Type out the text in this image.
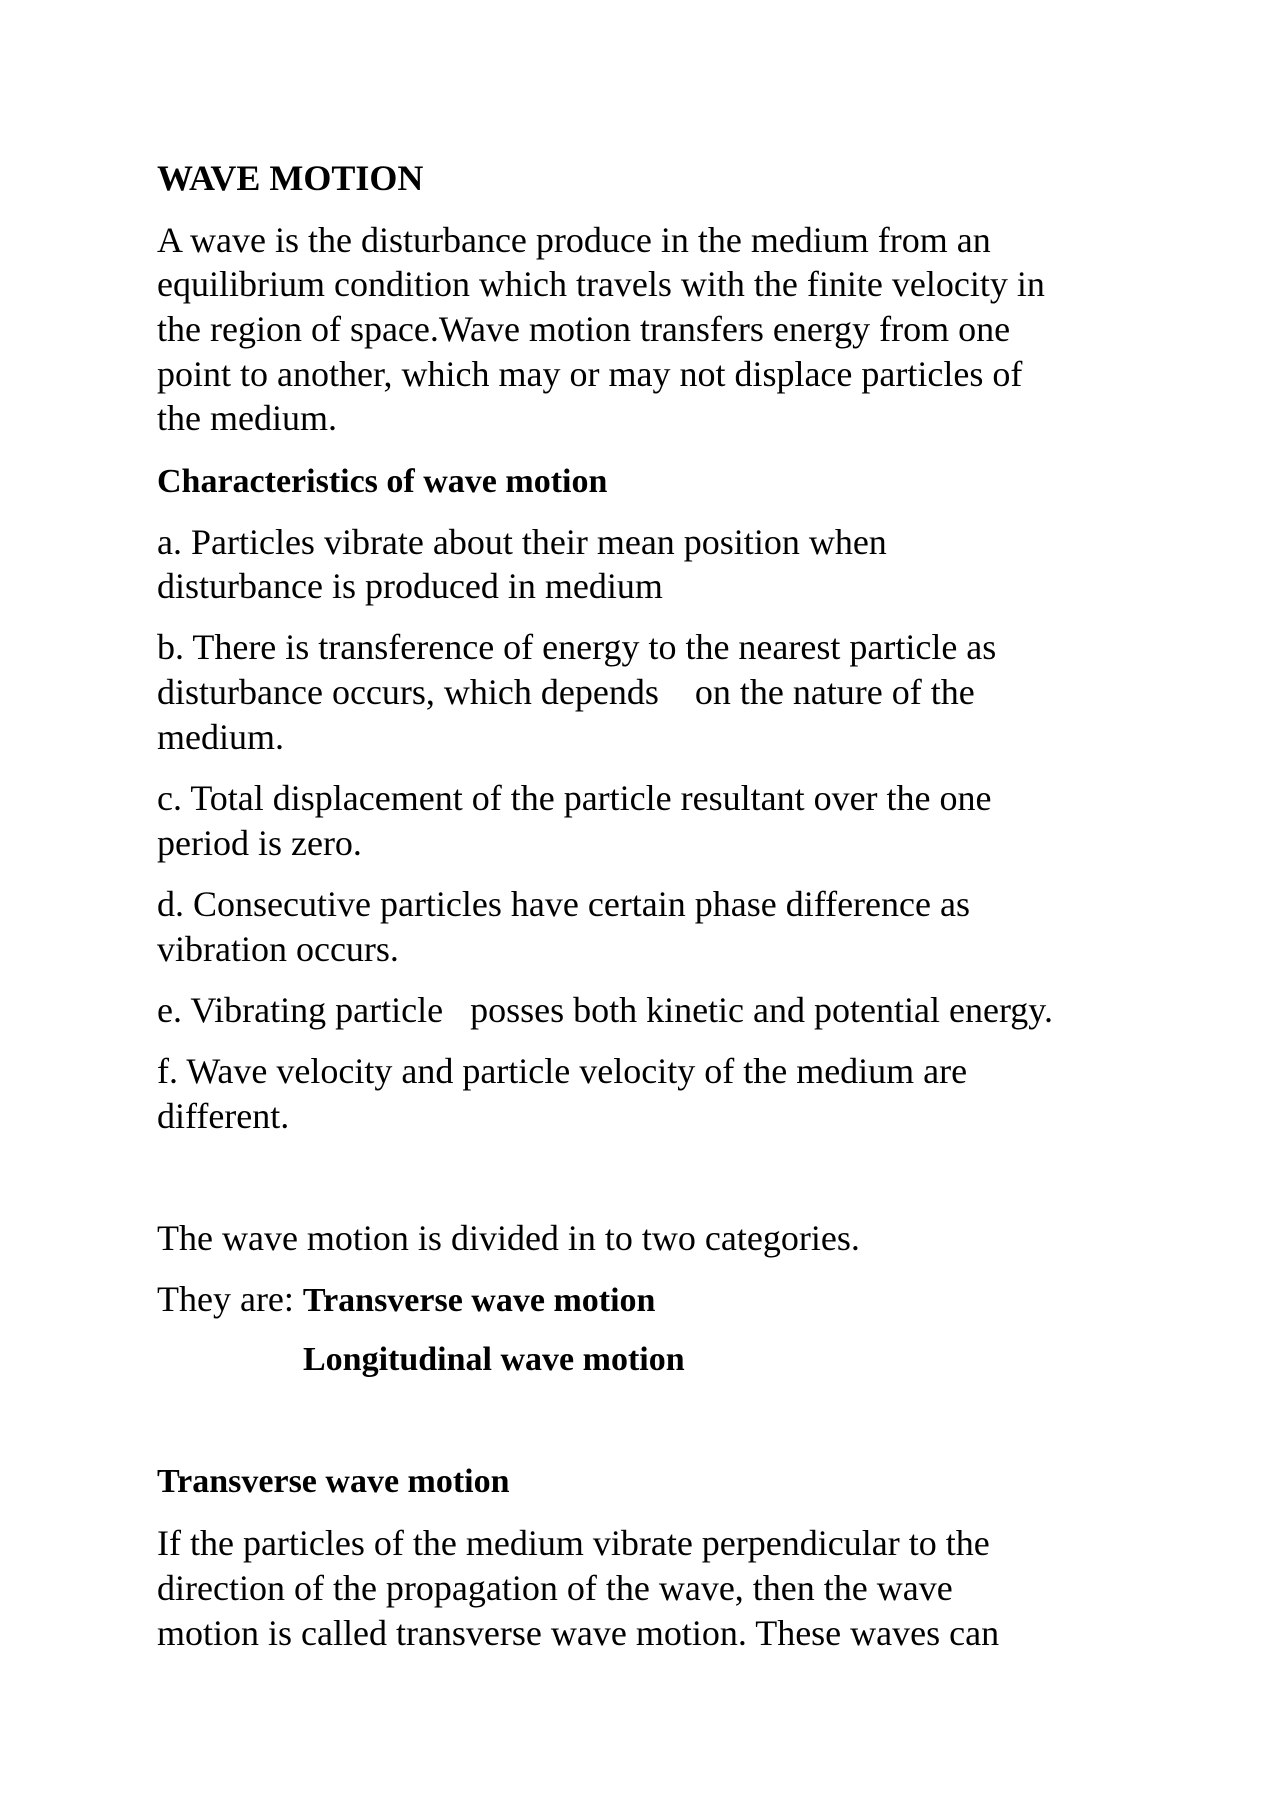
WAVE MOTION
A wave is the disturbance produce in the medium from an
equilibrium condition which travels with the finite velocity in
the region of space.Wave motion transfers energy from one
point to another, which may or may not displace particles of
the medium.
Characteristics of wave motion
a. Particles vibrate about their mean position when
disturbance is produced in medium
b. There is transference of energy to the nearest particle as
disturbance occurs, which depends    on the nature of the
medium.
c. Total displacement of the particle resultant over the one
period is zero.
d. Consecutive particles have certain phase difference as
vibration occurs.
e. Vibrating particle   posses both kinetic and potential energy.
f. Wave velocity and particle velocity of the medium are
different.
The wave motion is divided in to two categories.
They are: Transverse wave motion
Longitudinal wave motion
Transverse wave motion
If the particles of the medium vibrate perpendicular to the
direction of the propagation of the wave, then the wave
motion is called transverse wave motion. These waves can
